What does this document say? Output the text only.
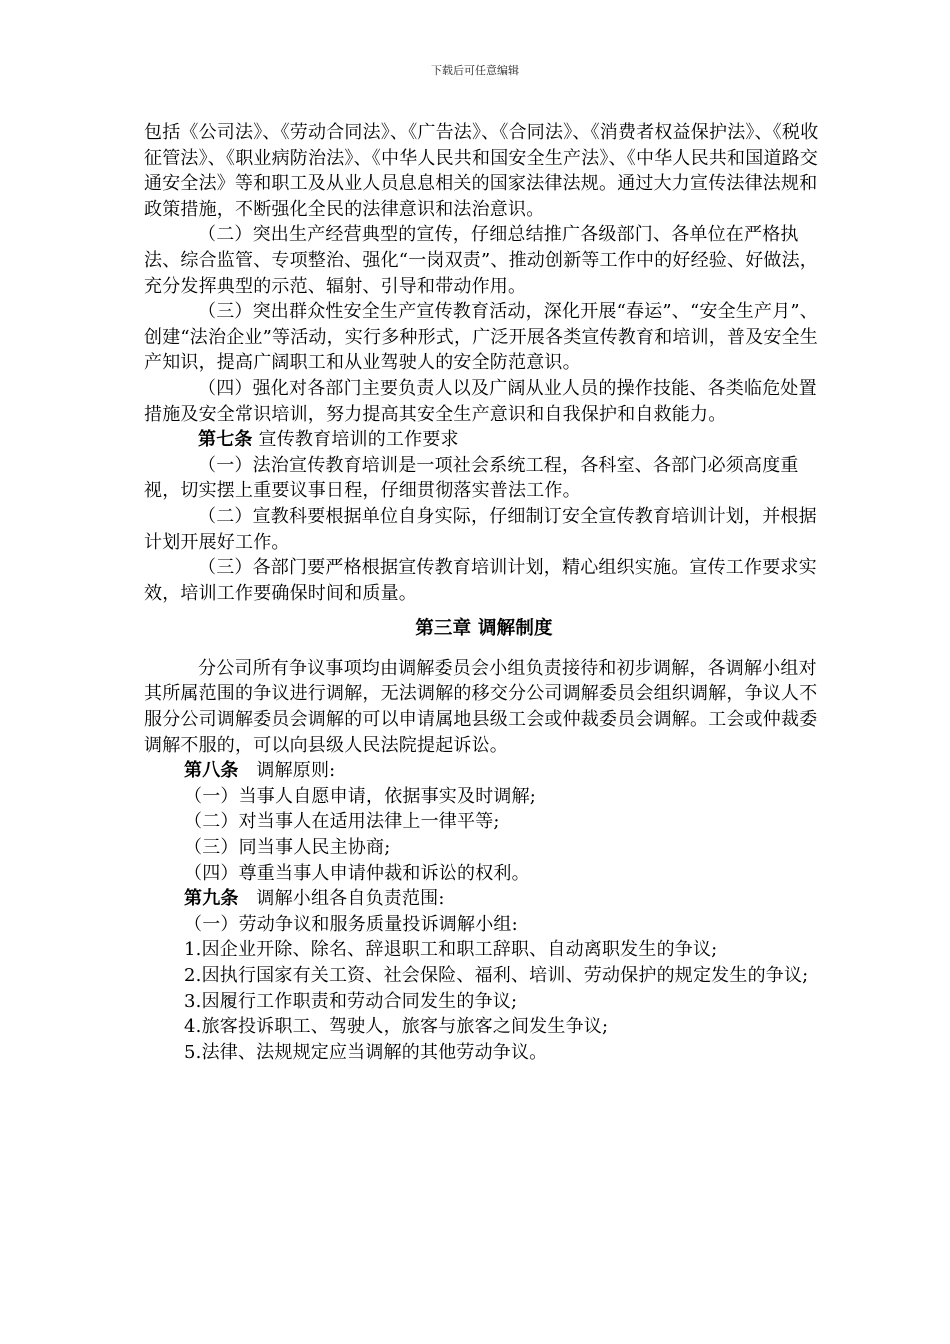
下载后可任意编辑

包括《公司法》、《劳动合同法》、《广告法》、《合同法》、《消费者权益保护法》、《税收征管法》、《职业病防治法》、《中华人民共和国安全生产法》、《中华人民共和国道路交通安全法》等和职工及从业人员息息相关的国家法律法规。通过大力宣传法律法规和政策措施，不断强化全民的法律意识和法治意识。

（二）突出生产经营典型的宣传，仔细总结推广各级部门、各单位在严格执法、综合监管、专项整治、强化“一岗双责”、推动创新等工作中的好经验、好做法，充分发挥典型的示范、辐射、引导和带动作用。

（三）突出群众性安全生产宣传教育活动，深化开展“春运”、“安全生产月”、创建“法治企业”等活动，实行多种形式，广泛开展各类宣传教育和培训，普及安全生产知识，提高广阔职工和从业驾驶人的安全防范意识。

（四）强化对各部门主要负责人以及广阔从业人员的操作技能、各类临危处置措施及安全常识培训，努力提高其安全生产意识和自我保护和自救能力。

第七条 宣传教育培训的工作要求

（一）法治宣传教育培训是一项社会系统工程，各科室、各部门必须高度重视，切实摆上重要议事日程，仔细贯彻落实普法工作。

（二）宣教科要根据单位自身实际，仔细制订安全宣传教育培训计划，并根据计划开展好工作。

（三）各部门要严格根据宣传教育培训计划，精心组织实施。宣传工作要求实效，培训工作要确保时间和质量。

第三章 调解制度

分公司所有争议事项均由调解委员会小组负责接待和初步调解，各调解小组对其所属范围的争议进行调解，无法调解的移交分公司调解委员会组织调解，争议人不服分公司调解委员会调解的可以申请属地县级工会或仲裁委员会调解。工会或仲裁委调解不服的，可以向县级人民法院提起诉讼。

第八条 调解原则:

（一）当事人自愿申请，依据事实及时调解;

（二）对当事人在适用法律上一律平等;

（三）同当事人民主协商;

（四）尊重当事人申请仲裁和诉讼的权利。

第九条 调解小组各自负责范围:

（一）劳动争议和服务质量投诉调解小组:

1.因企业开除、除名、辞退职工和职工辞职、自动离职发生的争议;

2.因执行国家有关工资、社会保险、福利、培训、劳动保护的规定发生的争议;

3.因履行工作职责和劳动合同发生的争议;

4.旅客投诉职工、驾驶人，旅客与旅客之间发生争议;

5.法律、法规规定应当调解的其他劳动争议。
